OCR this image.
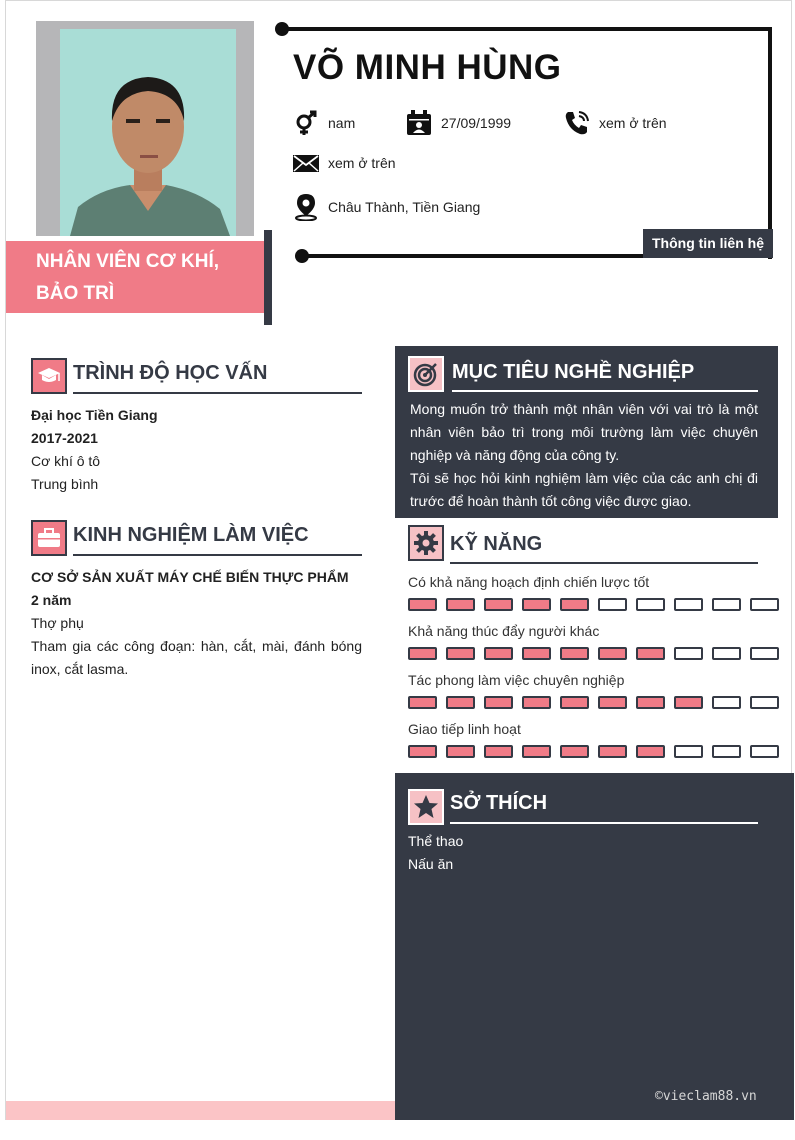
NHÂN VIÊN CƠ KHÍ,
BẢO TRÌ
VÕ MINH HÙNG
nam	27/09/1999	xem ở trên
xem ở trên
Châu Thành, Tiền Giang
Thông tin liên hệ
TRÌNH ĐỘ HỌC VẤN
Đại học Tiền Giang
2017-2021
Cơ khí ô tô
Trung bình
KINH NGHIỆM LÀM VIỆC
CƠ SỞ SẢN XUẤT MÁY CHẾ BIẾN THỰC PHẨM
2 năm
Thợ phụ
Tham gia các công đoạn: hàn, cắt, mài, đánh bóng inox, cắt lasma.
Mong muốn trở thành một nhân viên với vai trò là một nhân viên bảo trì trong môi trường làm việc chuyên nghiệp và năng động của công ty.
Tôi sẽ học hỏi kinh nghiệm làm việc của các anh chị đi trước để hoàn thành tốt công việc được giao.
MỤC TIÊU NGHỀ NGHIỆP
KỸ NĂNG
Có khả năng hoạch định chiến lược tốt
Khả năng thúc đẩy người khác
Tác phong làm việc chuyên nghiệp
Giao tiếp linh hoạt
SỞ THÍCH
Thể thao
Nấu ăn
©vieclam88.vn
